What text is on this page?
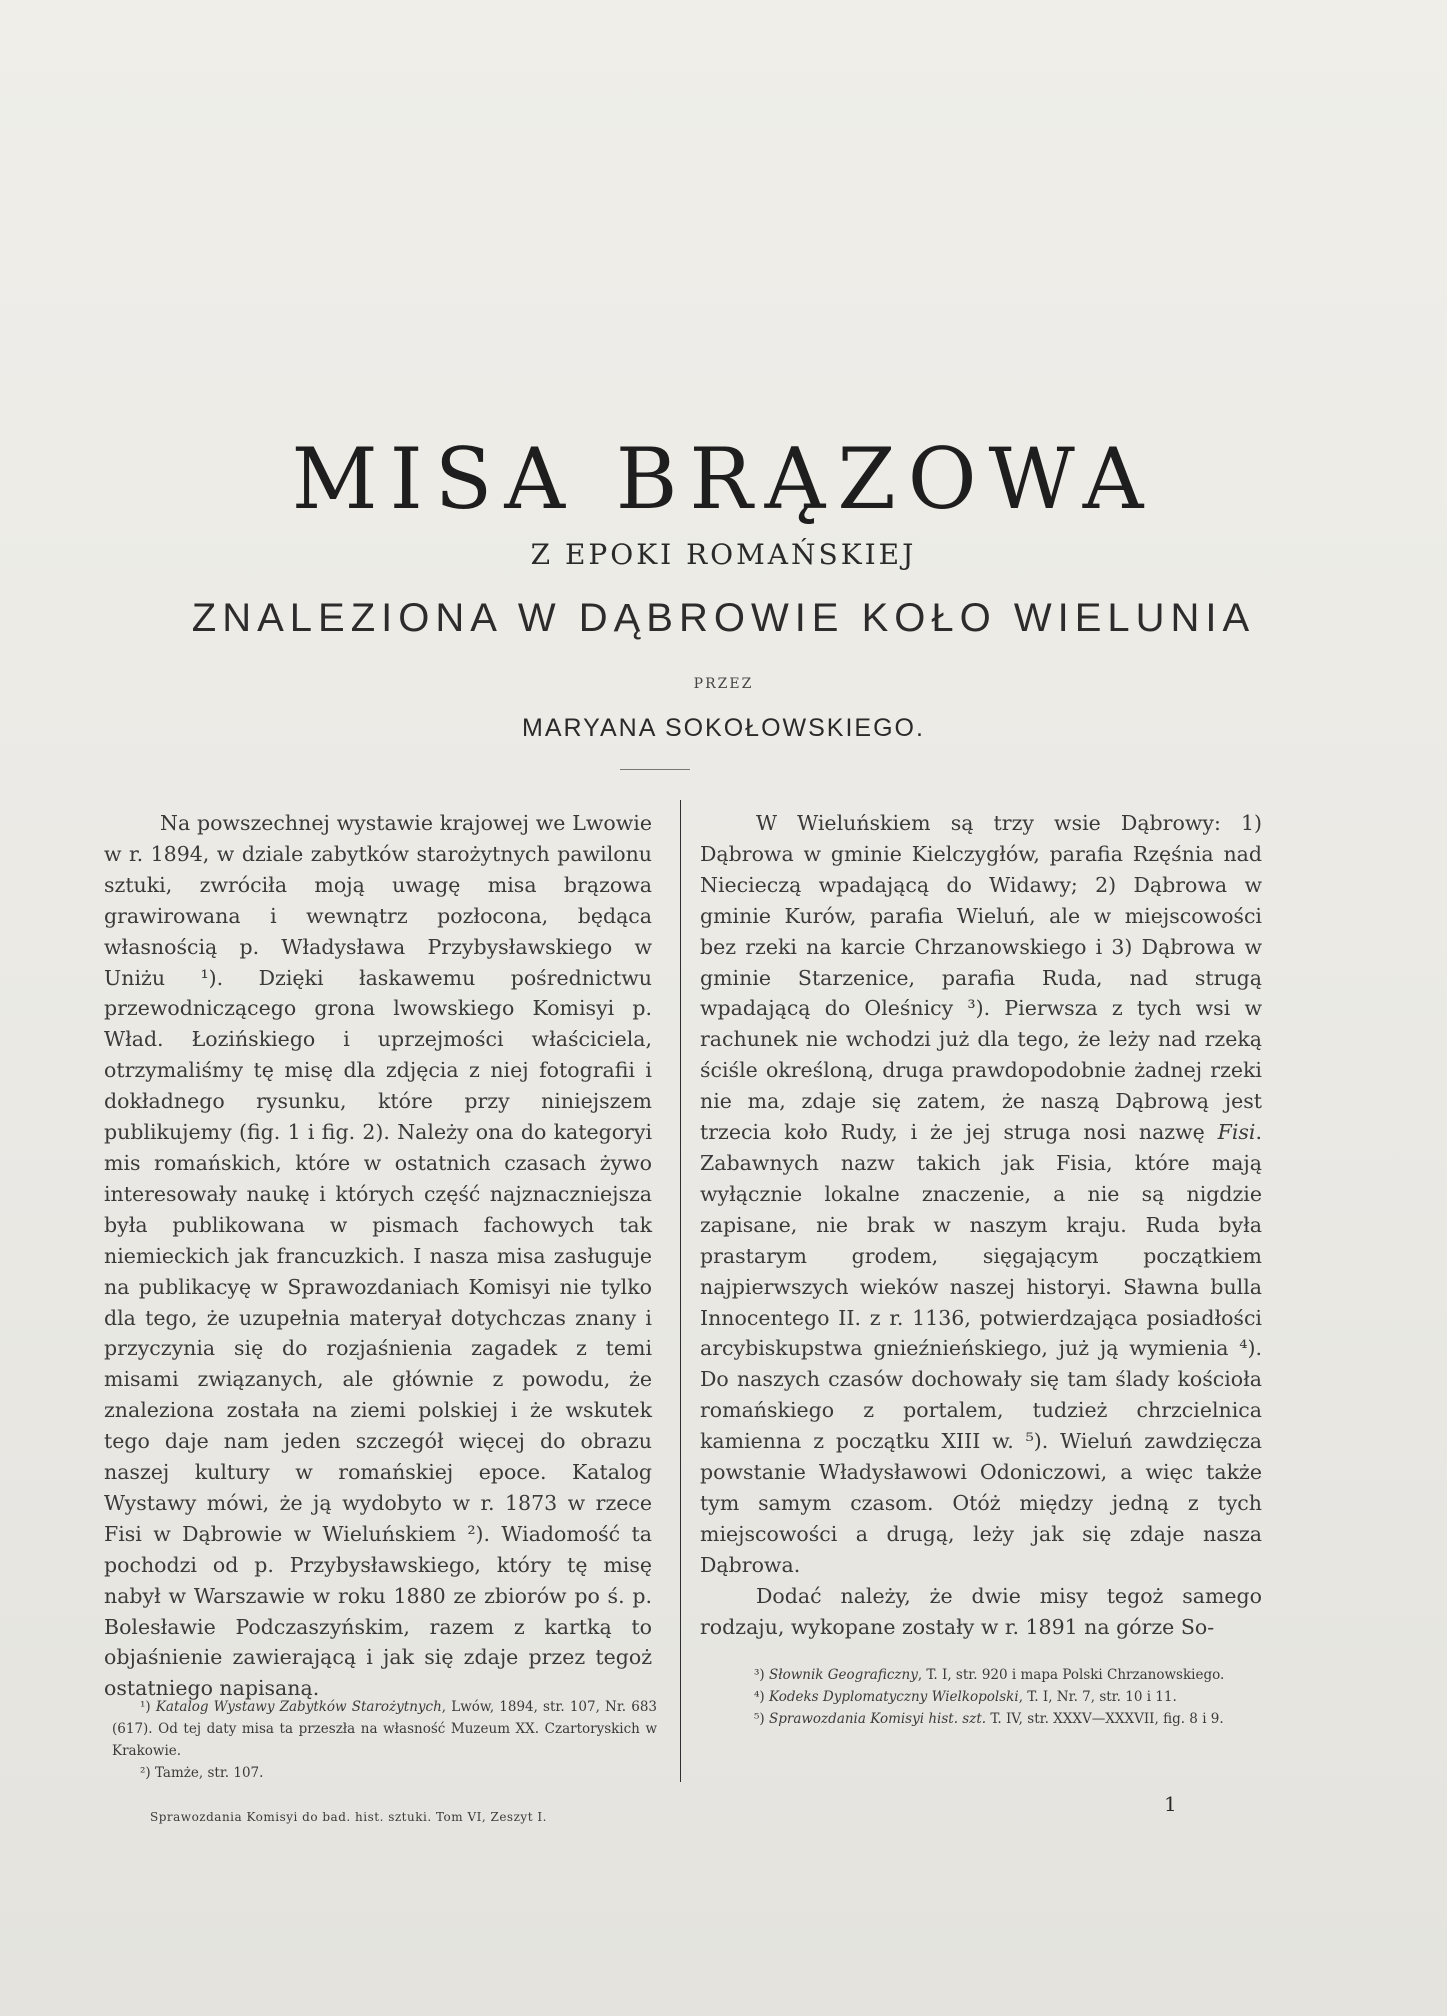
MISA BRĄZOWA
Z EPOKI ROMAŃSKIEJ
ZNALEZIONA W DĄBROWIE KOŁO WIELUNIA
PRZEZ
MARYANA SOKOŁOWSKIEGO.

Na powszechnej wystawie krajowej we Lwowie w r. 1894, w dziale zabytków starożytnych pawilonu sztuki, zwróciła moją uwagę misa brązowa grawirowana i wewnątrz pozłocona, będąca własnością p. Władysława Przybysławskiego w Uniżu ¹). Dzięki łaskawemu pośrednictwu przewodniczącego grona lwowskiego Komisyi p. Wład. Łozińskiego i uprzejmości właściciela, otrzymaliśmy tę misę dla zdjęcia z niej fotografii i dokładnego rysunku, które przy niniejszem publikujemy (fig. 1 i fig. 2). Należy ona do kategoryi mis romańskich, które w ostatnich czasach żywo interesowały naukę i których część najznaczniejsza była publikowana w pismach fachowych tak niemieckich jak francuzkich. I nasza misa zasługuje na publikacyę w Sprawozdaniach Komisyi nie tylko dla tego, że uzupełnia materyał dotychczas znany i przyczynia się do rozjaśnienia zagadek z temi misami związanych, ale głównie z powodu, że znaleziona została na ziemi polskiej i że wskutek tego daje nam jeden szczegół więcej do obrazu naszej kultury w romańskiej epoce. Katalog Wystawy mówi, że ją wydobyto w r. 1873 w rzece Fisi w Dąbrowie w Wieluńskiem ²). Wiadomość ta pochodzi od p. Przybysławskiego, który tę misę nabył w Warszawie w roku 1880 ze zbiorów po ś. p. Bolesławie Podczaszyńskim, razem z kartką to objaśnienie zawierającą i jak się zdaje przez tegoż ostatniego napisaną.

W Wieluńskiem są trzy wsie Dąbrowy: 1) Dąbrowa w gminie Kielczygłów, parafia Rzęśnia nad Niecieczą wpadającą do Widawy; 2) Dąbrowa w gminie Kurów, parafia Wieluń, ale w miejscowości bez rzeki na karcie Chrzanowskiego i 3) Dąbrowa w gminie Starzenice, parafia Ruda, nad strugą wpadającą do Oleśnicy ³). Pierwsza z tych wsi w rachunek nie wchodzi już dla tego, że leży nad rzeką ściśle określoną, druga prawdopodobnie żadnej rzeki nie ma, zdaje się zatem, że naszą Dąbrową jest trzecia koło Rudy, i że jej struga nosi nazwę Fisi. Zabawnych nazw takich jak Fisia, które mają wyłącznie lokalne znaczenie, a nie są nigdzie zapisane, nie brak w naszym kraju. Ruda była prastarym grodem, sięgającym początkiem najpierwszych wieków naszej historyi. Sławna bulla Innocentego II. z r. 1136, potwierdzająca posiadłości arcybiskupstwa gnieźnieńskiego, już ją wymienia ⁴). Do naszych czasów dochowały się tam ślady kościoła romańskiego z portalem, tudzież chrzcielnica kamienna z początku XIII w. ⁵). Wieluń zawdzięcza powstanie Władysławowi Odoniczowi, a więc także tym samym czasom. Otóż między jedną z tych miejscowości a drugą, leży jak się zdaje nasza Dąbrowa.

Dodać należy, że dwie misy tegoż samego rodzaju, wykopane zostały w r. 1891 na górze So-

¹) Katalog Wystawy Zabytków Starożytnych, Lwów, 1894, str. 107, Nr. 683 (617). Od tej daty misa ta przeszła na własność Muzeum XX. Czartoryskich w Krakowie.
²) Tamże, str. 107.
³) Słownik Geograficzny, T. I, str. 920 i mapa Polski Chrzanowskiego.
⁴) Kodeks Dyplomatyczny Wielkopolski, T. I, Nr. 7, str. 10 i 11.
⁵) Sprawozdania Komisyi hist. szt. T. IV, str. XXXV—XXXVII, fig. 8 i 9.
Sprawozdania Komisyi do bad. hist. sztuki. Tom VI, Zeszyt I.
1
